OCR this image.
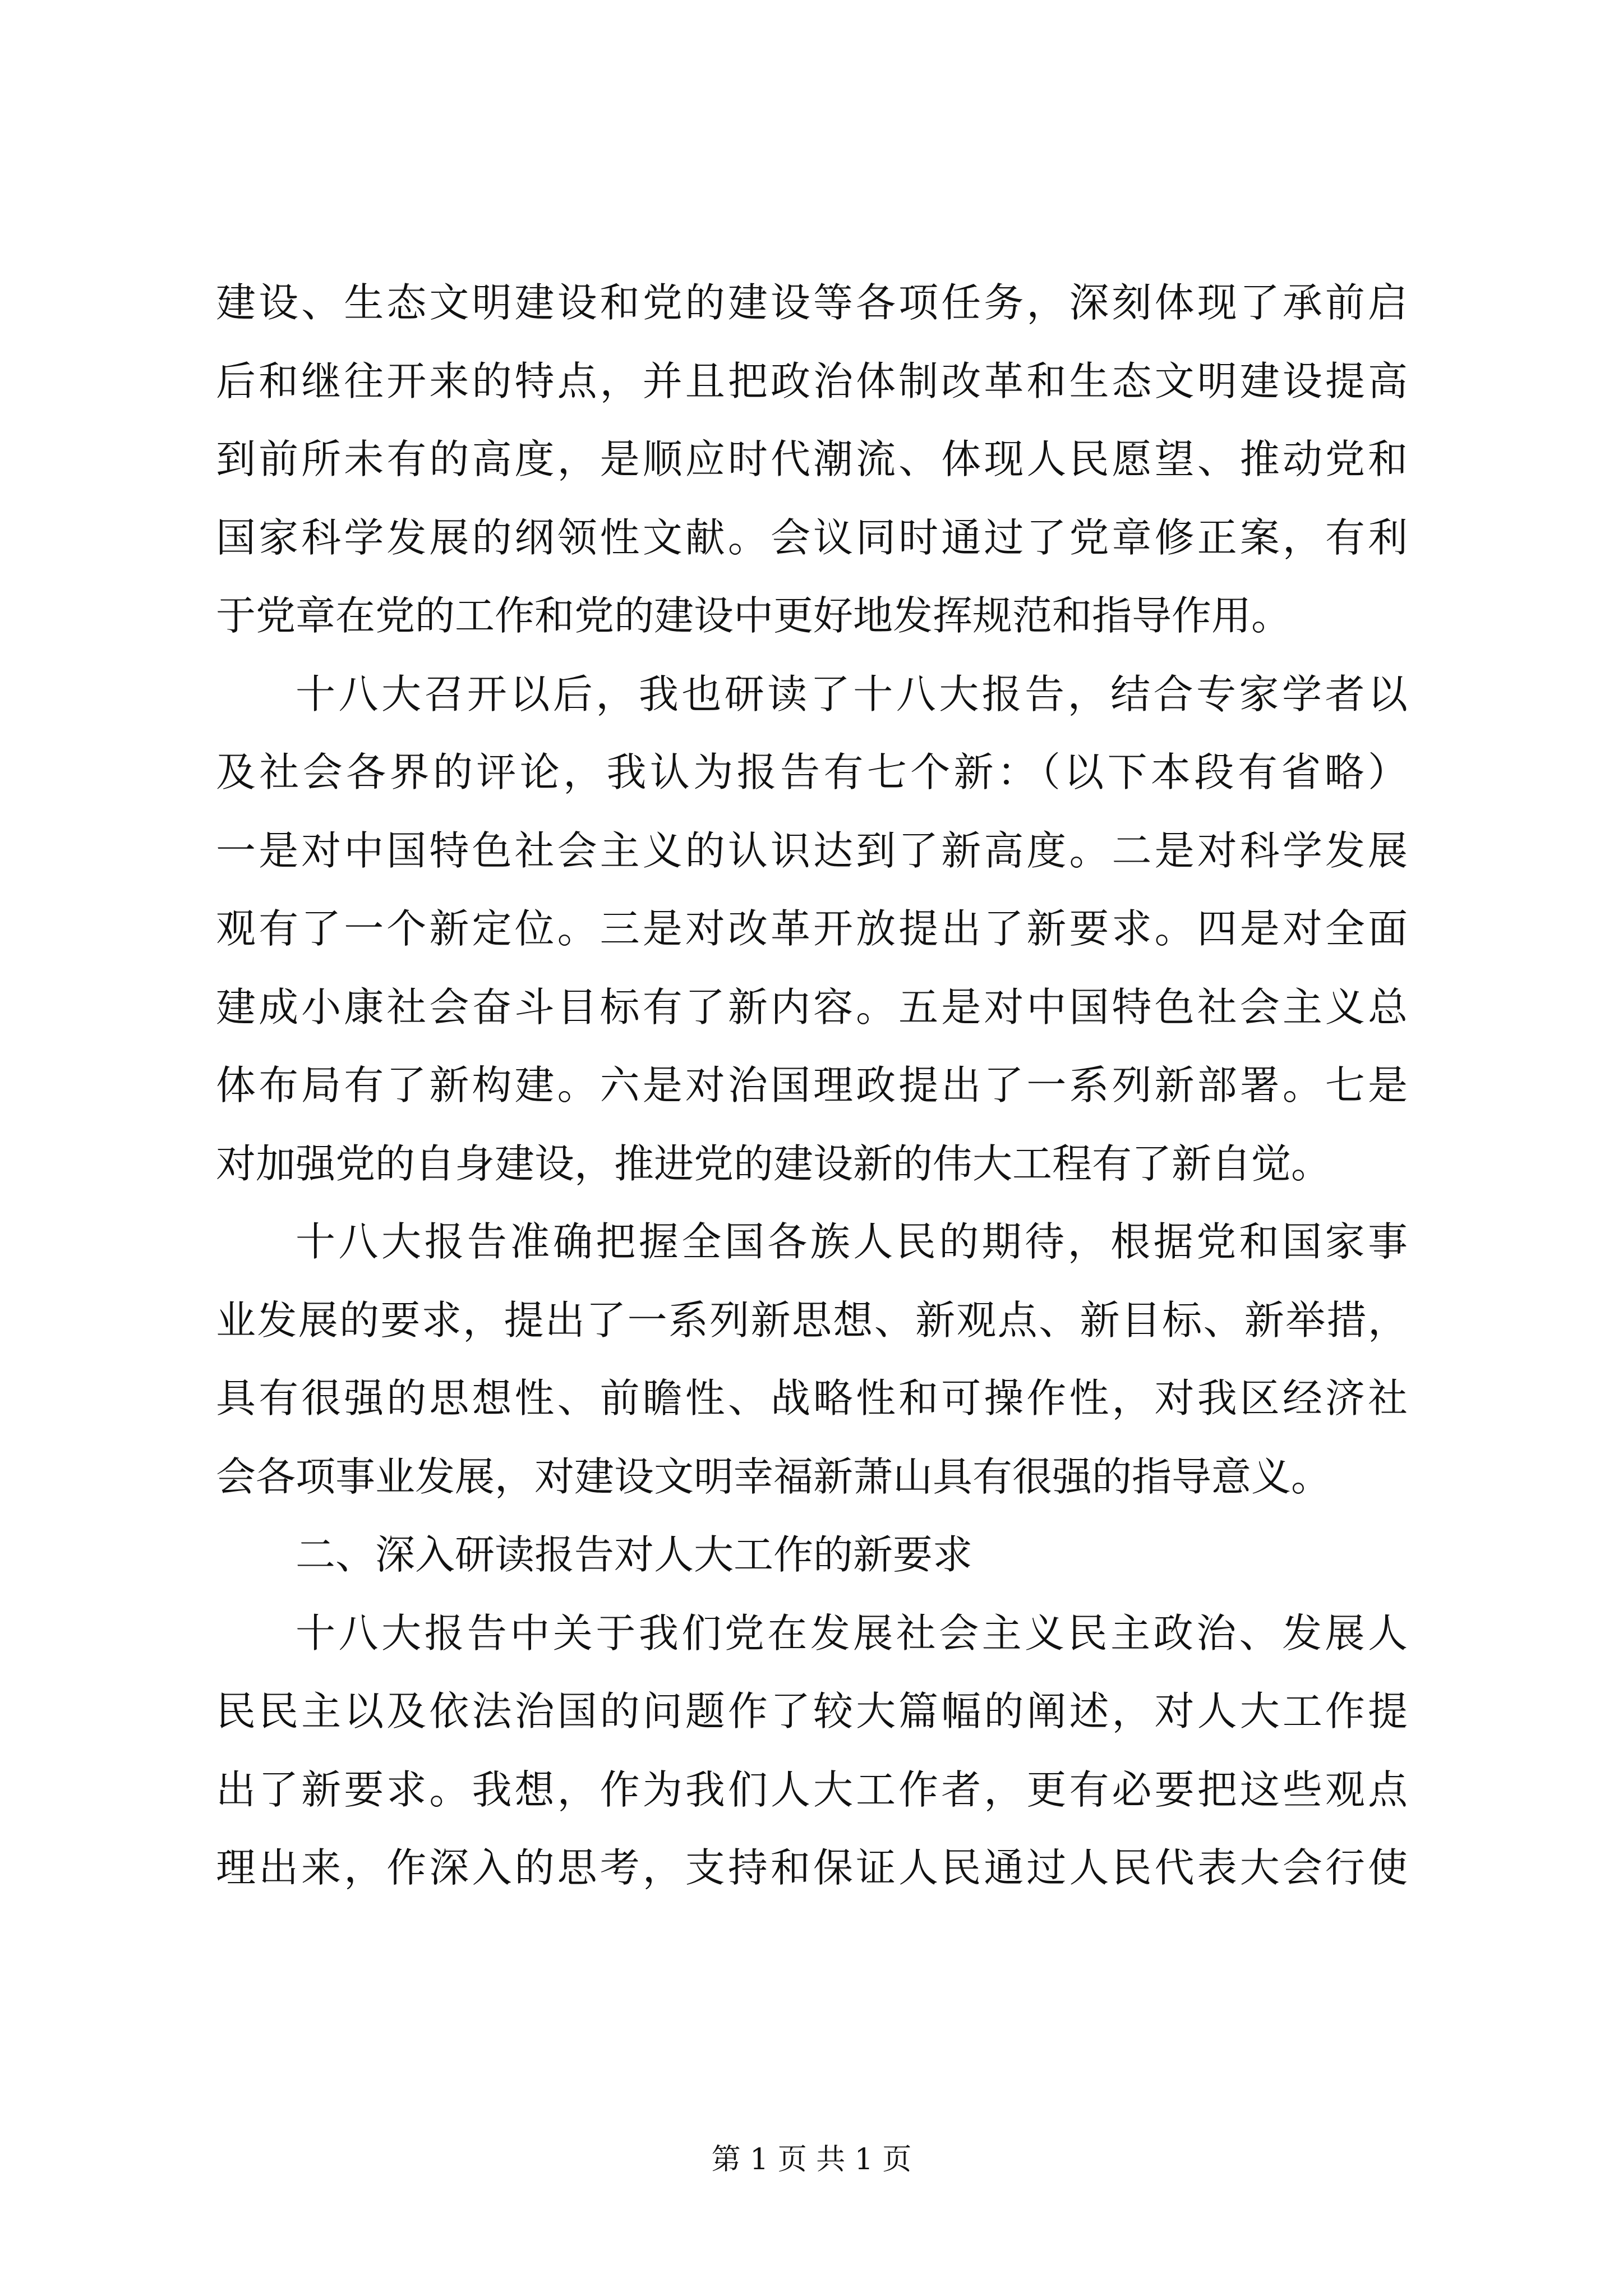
建设、生态文明建设和党的建设等各项任务，深刻体现了承前启
后和继往开来的特点，并且把政治体制改革和生态文明建设提高
到前所未有的高度，是顺应时代潮流、体现人民愿望、推动党和
国家科学发展的纲领性文献。会议同时通过了党章修正案，有利
于党章在党的工作和党的建设中更好地发挥规范和指导作用。
十八大召开以后，我也研读了十八大报告，结合专家学者以
及社会各界的评论，我认为报告有七个新：（以下本段有省略）
一是对中国特色社会主义的认识达到了新高度。二是对科学发展
观有了一个新定位。三是对改革开放提出了新要求。四是对全面
建成小康社会奋斗目标有了新内容。五是对中国特色社会主义总
体布局有了新构建。六是对治国理政提出了一系列新部署。七是
对加强党的自身建设，推进党的建设新的伟大工程有了新自觉。
十八大报告准确把握全国各族人民的期待，根据党和国家事
业发展的要求，提出了一系列新思想、新观点、新目标、新举措，
具有很强的思想性、前瞻性、战略性和可操作性，对我区经济社
会各项事业发展，对建设文明幸福新萧山具有很强的指导意义。
二、深入研读报告对人大工作的新要求
十八大报告中关于我们党在发展社会主义民主政治、发展人
民民主以及依法治国的问题作了较大篇幅的阐述，对人大工作提
出了新要求。我想，作为我们人大工作者，更有必要把这些观点
理出来，作深入的思考，支持和保证人民通过人民代表大会行使
第 1 页 共 1 页
